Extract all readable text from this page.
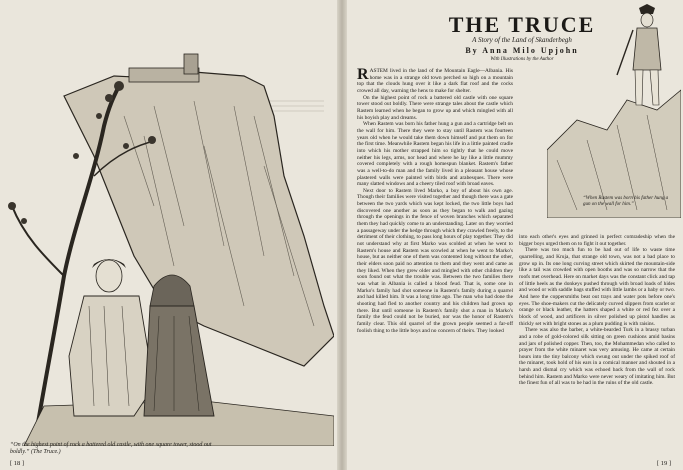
“On the highest point of rock a battered old castle, with one square tower, stood out boldly.” (The Truce.)
[ 18 ]
THE TRUCE
A Story of the Land of Skanderbegh
By Anna Milo Upjohn
With Illustrations by the Author

RASTEM lived in the land of the Mountain Eagle—Albania. His home was in a strange old town perched so high on a mountain top that the clouds hung over it like a dark flat roof and the cocks crowed all day, warning the hens to make for shelter.

On the highest point of rock a battered old castle with one square tower stood out boldly. There were strange tales about the castle which Rastem learned when he began to grow up and which mingled with all his boyish play and dreams.

When Rastem was born his father hung a gun and a cartridge belt on the wall for him. There they were to stay until Rastem was fourteen years old when he would take them down himself and put them on for the first time. Meanwhile Rastem began his life in a little painted cradle into which his mother strapped him so tightly that he could move neither his legs, arms, nor head and where he lay like a little mummy covered completely with a rough homespun blanket. Rastem's father was a well-to-do man and the family lived in a pleasant house whose plastered walls were painted with birds and arabesques. There were many slatted windows and a cheery tiled roof with broad eaves.

Next door to Rastem lived Marko, a boy of about his own age. Though their families were visited together and though there was a gate between the two yards which was kept locked, the two little boys had discovered one another as soon as they began to walk and gazing through the openings in the fence of woven branches which separated them they had quickly come to an understanding. Later on they worried a passageway under the hedge through which they crawled freely, to the detriment of their clothing, to pass long hours of play together. They did not understand why at first Marko was scolded at when he went to Rastem's house and Rastem was scowled at when he went to Marko's house, but as neither one of them was contented long without the other, their elders soon paid no attention to them and they went and came as they liked. When they grew older and mingled with other children they soon found out what the trouble was. Between the two families there was what in Albania is called a blood feud. That is, some one in Marko's family had shot someone in Rastem's family during a quarrel and had killed him. It was a long time ago. The man who had done the shooting had fled to another country and his children had grown up there. But until someone in Rastem's family shot a man in Marko's family the feud could not be buried, nor was the honor of Rastem's family clear. This old quarrel of the grown people seemed a far-off foolish thing to the little boys and no concern of theirs. They looked

“When Rastem was born his father hung a gun on the wall for him.”

into each other's eyes and grinned in perfect comradeship when the bigger boys urged them on to fight it out together.

There was too much fun to be had out of life to waste time quarrelling, and Kruja, that strange old town, was not a bad place to grow up in. Its one long curving street which skirted the mountain-side like a tail was crowded with open booths and was so narrow that the roofs met overhead. Here on market days was the constant click and tap of little heels as the donkeys pushed through with broad loads of hides and wood or with saddle bags stuffed with little lambs or a baby or two. And here the coppersmiths beat out trays and water pots before one's eyes. The shoe-makers cut the delicately curved slippers from scarlet or orange or black leather, the hatters shaped a white or red fez over a block of wood, and artificers in silver polished up pistol handles as thickly set with bright stones as a plum pudding is with raisins.

There was also the barber, a white-bearded Turk in a brassy turban and a robe of gold-colored silk sitting on green cushions amid basins and jars of polished copper. Then, too, the Mohammedan who called to prayer from the white minaret was very amusing. He came at certain hours into the tiny balcony which swung out under the spiked roof of the minaret, took hold of his ears in a comical manner and shouted in a harsh and dismal cry which was echoed back from the wall of rock behind him. Rastem and Marko were never weary of imitating him. But the finest fun of all was to be had in the ruins of the old castle.

[ 19 ]
